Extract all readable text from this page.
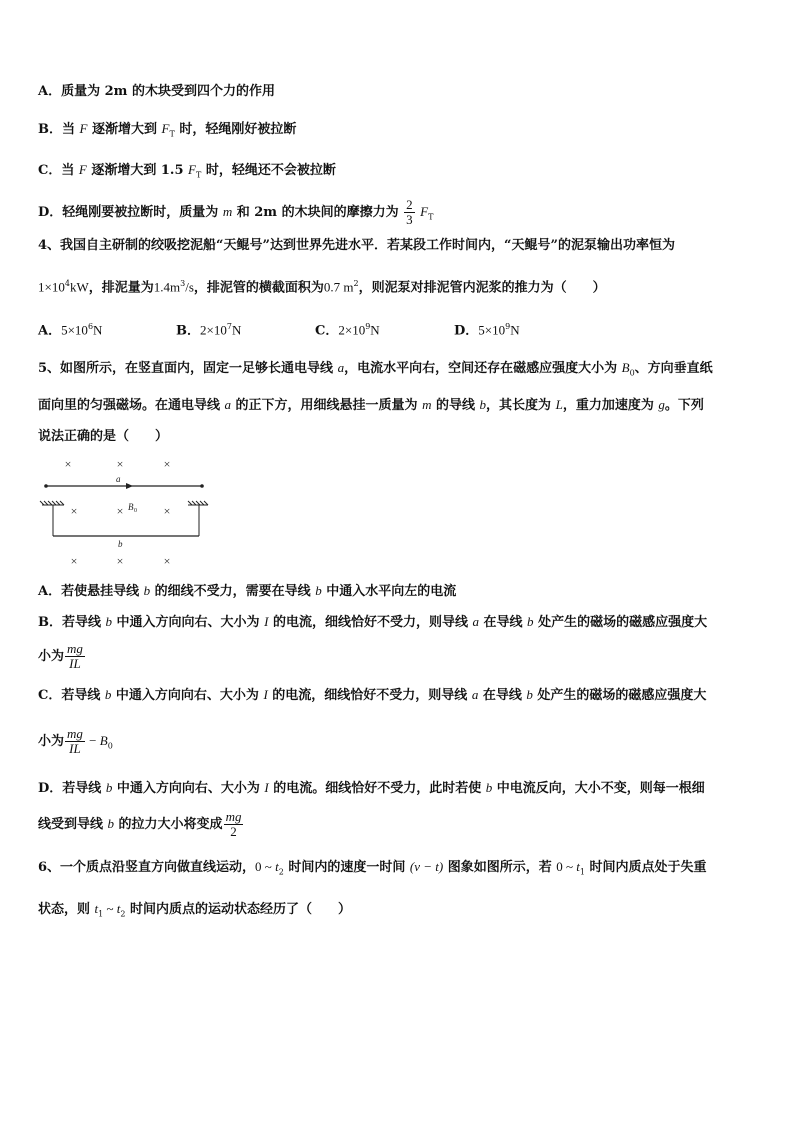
A．质量为 2m 的木块受到四个力的作用
B．当 F 逐渐增大到 $F_T$ 时，轻绳刚好被拉断
C．当 F 逐渐增大到 1.5 $F_T$ 时，轻绳还不会被拉断
D．轻绳刚要被拉断时，质量为 m 和 2m 的木块间的摩擦力为 $\frac{2}{3} F_T$
4、我国自主研制的绞吸挖泥船“天鲲号”达到世界先进水平．若某段工作时间内，“天鲲号”的泥泵输出功率恒为
$1\times 10^4kW$，排泥量为$1.4m^3/s$，排泥管的横截面积为0.7 $m^2$，则泥泵对排泥管内泥浆的推力为（　　）
A．$5\times 10^6N$	B．$2\times 10^7N$	C．$2\times 10^9N$	D．$5\times 10^9N$
5、如图所示，在竖直面内，固定一足够长通电导线 a，电流水平向右，空间还存在磁感应强度大小为 $B_0$、方向垂直纸
面向里的匀强磁场。在通电导线 a 的正下方，用细线悬挂一质量为 m 的导线 b，其长度为 L，重力加速度为 g。下列
说法正确的是（　　）
×	×	×
a
×	×	×
B 0
b
×	×	×
A．若使悬挂导线 b 的细线不受力，需要在导线 b 中通入水平向左的电流
B．若导线 b 中通入方向向右、大小为 I 的电流，细线恰好不受力，则导线 a 在导线 b 处产生的磁场的磁感应强度大
小为 $\frac{mg}{IL}$
C．若导线 b 中通入方向向右、大小为 I 的电流，细线恰好不受力，则导线 a 在导线 b 处产生的磁场的磁感应强度大
小为 $\frac{mg}{IL} - B_0$
D．若导线 b 中通入方向向右、大小为 I 的电流。细线恰好不受力，此时若使 b 中电流反向，大小不变，则每一根细
线受到导线 b 的拉力大小将变成 $\frac{mg}{2}$
6、一个质点沿竖直方向做直线运动，0 ~ $t_2$ 时间内的速度一时间 (v − t) 图象如图所示，若 0 ~ $t_1$ 时间内质点处于失重
状态，则 $t_1$ ~ $t_2$ 时间内质点的运动状态经历了（　　）
